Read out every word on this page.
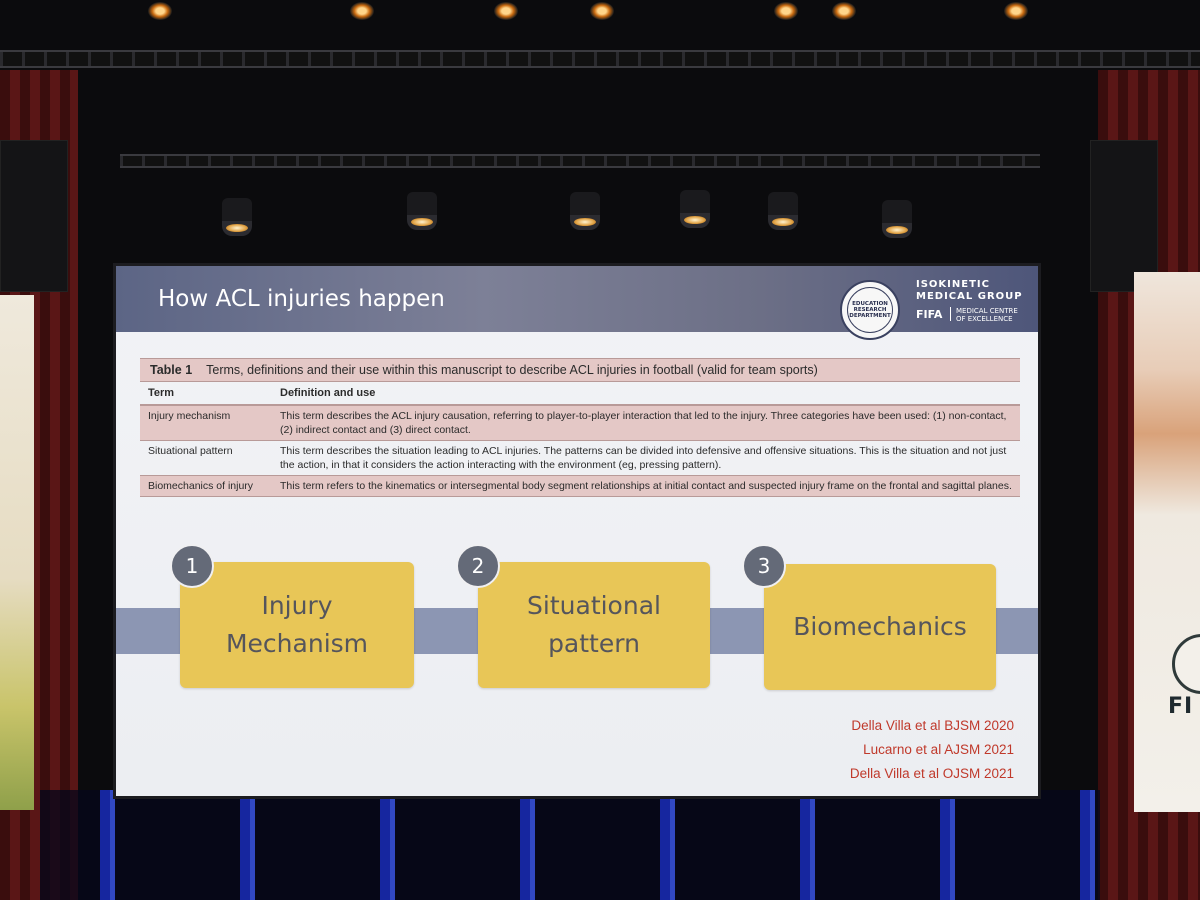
FI
How ACL injuries happen	EDUCATION
RESEARCH
DEPARTMENT
ISOKINETIC
MEDICAL GROUP
FIFA MEDICAL CENTRE
OF EXCELLENCE
Table 1 Terms, definitions and their use within this manuscript to describe ACL injuries in football (valid for team sports)
Term	Definition and use
Injury mechanism	This term describes the ACL injury causation, referring to player-to-player interaction that led to the injury. Three categories have been used: (1) non-contact, (2) indirect contact and (3) direct contact.
Situational pattern	This term describes the situation leading to ACL injuries. The patterns can be divided into defensive and offensive situations. This is the situation and not just the action, in that it considers the action interacting with the environment (eg, pressing pattern).
Biomechanics of injury	This term refers to the kinematics or intersegmental body segment relationships at initial contact and suspected injury frame on the frontal and sagittal planes.
Injury
Mechanism
1
Situational
pattern
2
Biomechanics
3
Della Villa et al BJSM 2020
Lucarno et al AJSM 2021
Della Villa et al OJSM 2021
